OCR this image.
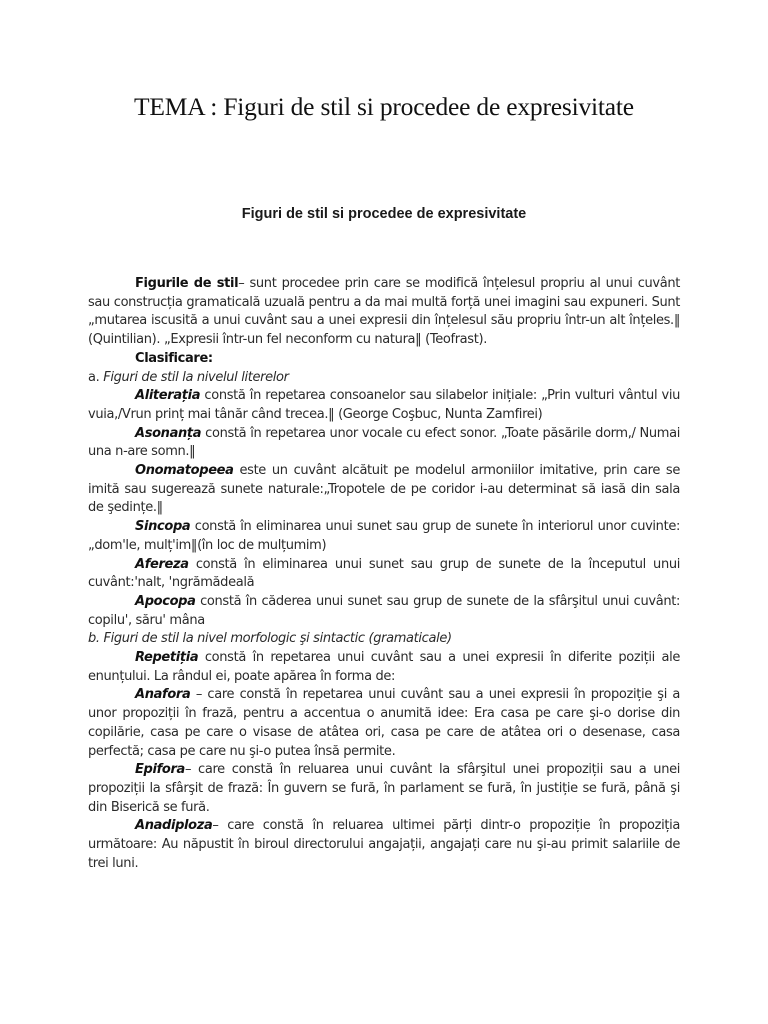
TEMA : Figuri de stil si procedee de expresivitate
Figuri de stil si procedee de expresivitate

Figurile de stil– sunt procedee prin care se modifică înțelesul propriu al unui cuvânt sau construcția gramaticală uzuală pentru a da mai multă forță unei imagini sau expuneri. Sunt „mutarea iscusită a unui cuvânt sau a unei expresii din înțelesul său propriu într-un alt înțeles.‖ (Quintilian). „Expresii într-un fel neconform cu natura‖ (Teofrast).

Clasificare:

a. Figuri de stil la nivelul literelor

Aliterația constă în repetarea consoanelor sau silabelor inițiale: „Prin vulturi vântul viu vuia,/Vrun prinț mai tânăr când trecea.‖ (George Coşbuc, Nunta Zamfirei)

Asonanța constă în repetarea unor vocale cu efect sonor. „Toate păsările dorm,/ Numai una n-are somn.‖

Onomatopeea este un cuvânt alcătuit pe modelul armoniilor imitative, prin care se imită sau sugerează sunete naturale:„Tropotele de pe coridor i-au determinat să iasă din sala de şedințe.‖

Sincopa constă în eliminarea unui sunet sau grup de sunete în interiorul unor cuvinte:„dom'le, mulț'im‖(în loc de mulțumim)

Afereza constă în eliminarea unui sunet sau grup de sunete de la începutul unui cuvânt:'nalt, 'ngrămădeală

Apocopa constă în căderea unui sunet sau grup de sunete de la sfârşitul unui cuvânt: copilu', săru' mâna

b. Figuri de stil la nivel morfologic şi sintactic (gramaticale)

Repetiția constă în repetarea unui cuvânt sau a unei expresii în diferite poziții ale enunțului. La rândul ei, poate apărea în forma de:

Anafora – care constă în repetarea unui cuvânt sau a unei expresii în propoziție şi a unor propoziții în frază, pentru a accentua o anumită idee: Era casa pe care şi-o dorise din copilărie, casa pe care o visase de atâtea ori, casa pe care de atâtea ori o desenase, casa perfectă; casa pe care nu şi-o putea însă permite.

Epifora– care constă în reluarea unui cuvânt la sfârşitul unei propoziții sau a unei propoziții la sfârşit de frază: În guvern se fură, în parlament se fură, în justiție se fură, până şi din Biserică se fură.

Anadiploza– care constă în reluarea ultimei părți dintr-o propoziție în propoziția următoare: Au năpustit în biroul directorului angajații, angajați care nu şi-au primit salariile de trei luni.
